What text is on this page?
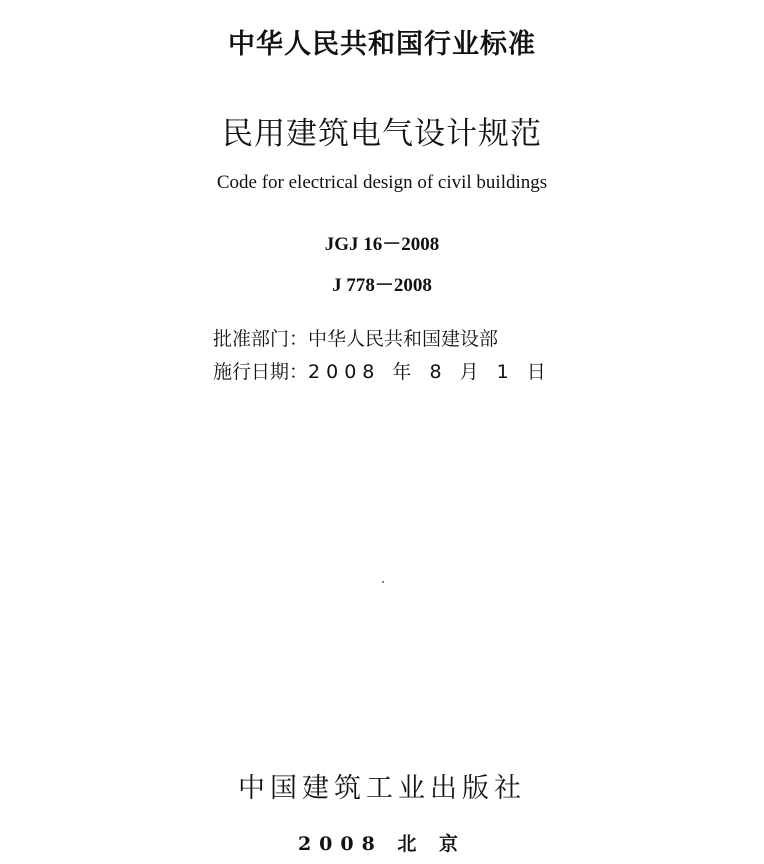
中华人民共和国行业标准
民用建筑电气设计规范
Code for electrical design of civil buildings
JGJ 16－2008
J 778－2008
批准部门：中华人民共和国建设部
施行日期：2008 年 8 月 1 日
中国建筑工业出版社
2008 北 京
